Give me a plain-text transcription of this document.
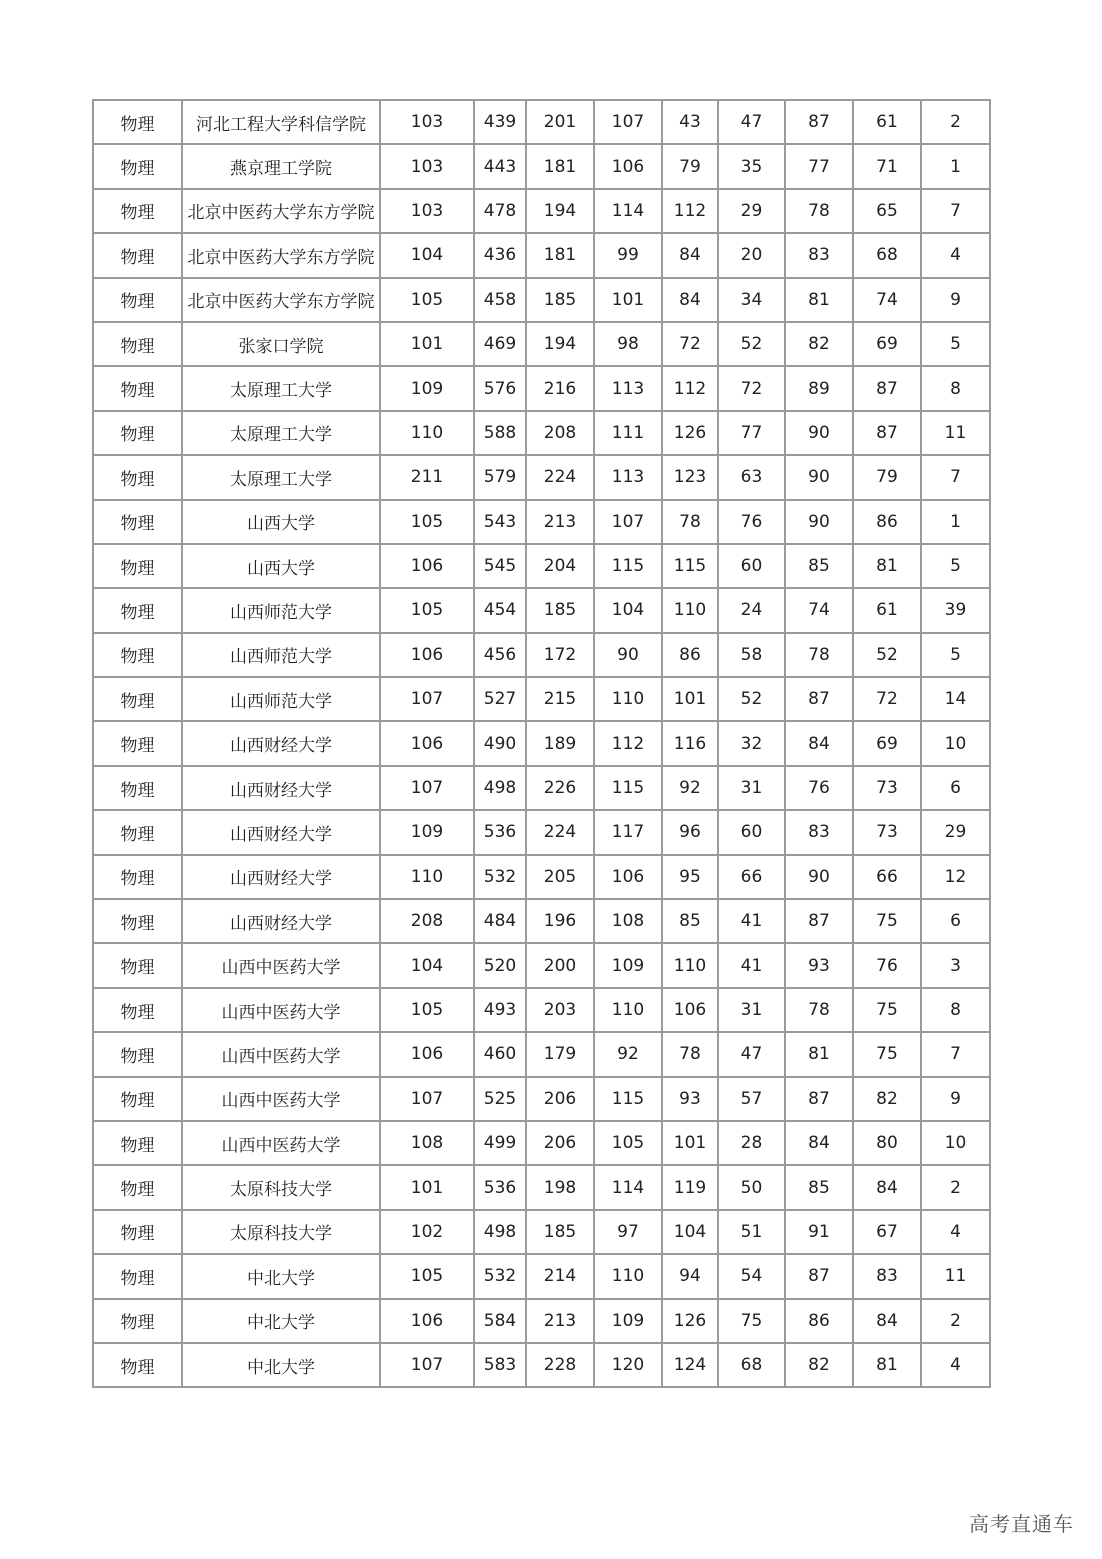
物理	河北工程大学科信学院	103	439	201	107	43	47	87	61	2
物理	燕京理工学院	103	443	181	106	79	35	77	71	1
物理	北京中医药大学东方学院	103	478	194	114	112	29	78	65	7
物理	北京中医药大学东方学院	104	436	181	99	84	20	83	68	4
物理	北京中医药大学东方学院	105	458	185	101	84	34	81	74	9
物理	张家口学院	101	469	194	98	72	52	82	69	5
物理	太原理工大学	109	576	216	113	112	72	89	87	8
物理	太原理工大学	110	588	208	111	126	77	90	87	11
物理	太原理工大学	211	579	224	113	123	63	90	79	7
物理	山西大学	105	543	213	107	78	76	90	86	1
物理	山西大学	106	545	204	115	115	60	85	81	5
物理	山西师范大学	105	454	185	104	110	24	74	61	39
物理	山西师范大学	106	456	172	90	86	58	78	52	5
物理	山西师范大学	107	527	215	110	101	52	87	72	14
物理	山西财经大学	106	490	189	112	116	32	84	69	10
物理	山西财经大学	107	498	226	115	92	31	76	73	6
物理	山西财经大学	109	536	224	117	96	60	83	73	29
物理	山西财经大学	110	532	205	106	95	66	90	66	12
物理	山西财经大学	208	484	196	108	85	41	87	75	6
物理	山西中医药大学	104	520	200	109	110	41	93	76	3
物理	山西中医药大学	105	493	203	110	106	31	78	75	8
物理	山西中医药大学	106	460	179	92	78	47	81	75	7
物理	山西中医药大学	107	525	206	115	93	57	87	82	9
物理	山西中医药大学	108	499	206	105	101	28	84	80	10
物理	太原科技大学	101	536	198	114	119	50	85	84	2
物理	太原科技大学	102	498	185	97	104	51	91	67	4
物理	中北大学	105	532	214	110	94	54	87	83	11
物理	中北大学	106	584	213	109	126	75	86	84	2
物理	中北大学	107	583	228	120	124	68	82	81	4
高考直通车
